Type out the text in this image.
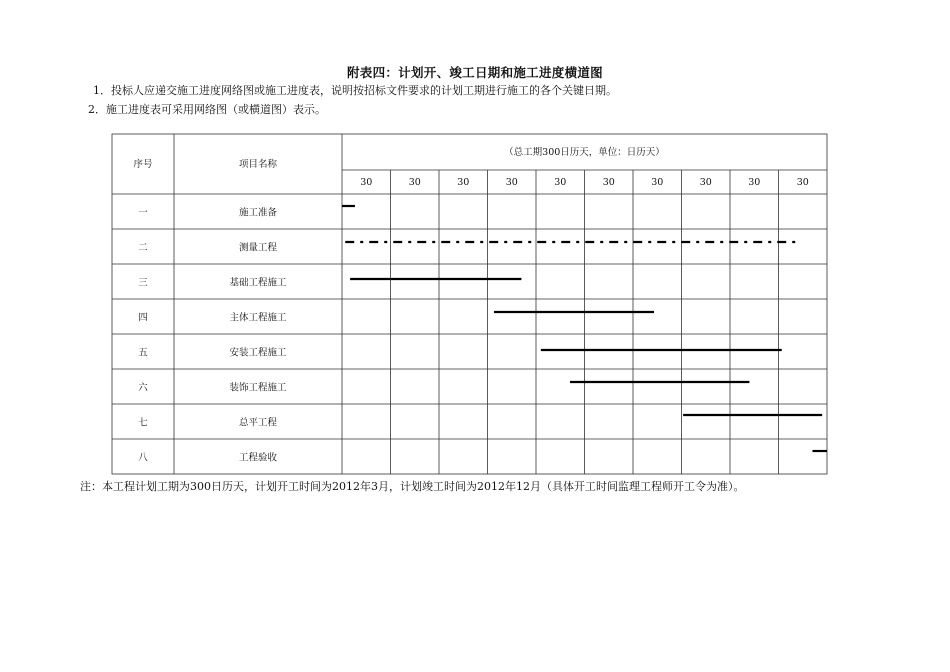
附表四：计划开、竣工日期和施工进度横道图
1．投标人应递交施工进度网络图或施工进度表，说明按招标文件要求的计划工期进行施工的各个关键日期。
2．施工进度表可采用网络图（或横道图）表示。
序号	项目名称
（总工期300日历天，单位：日历天）
30	30	30	30	30	30	30	30	30	30
一	施工准备
二	测量工程
三	基础工程施工
四	主体工程施工
五	安装工程施工
六	装饰工程施工
七	总平工程
八	工程验收
注：本工程计划工期为300日历天，计划开工时间为2012年3月，计划竣工时间为2012年12月（具体开工时间监理工程师开工令为准）。
